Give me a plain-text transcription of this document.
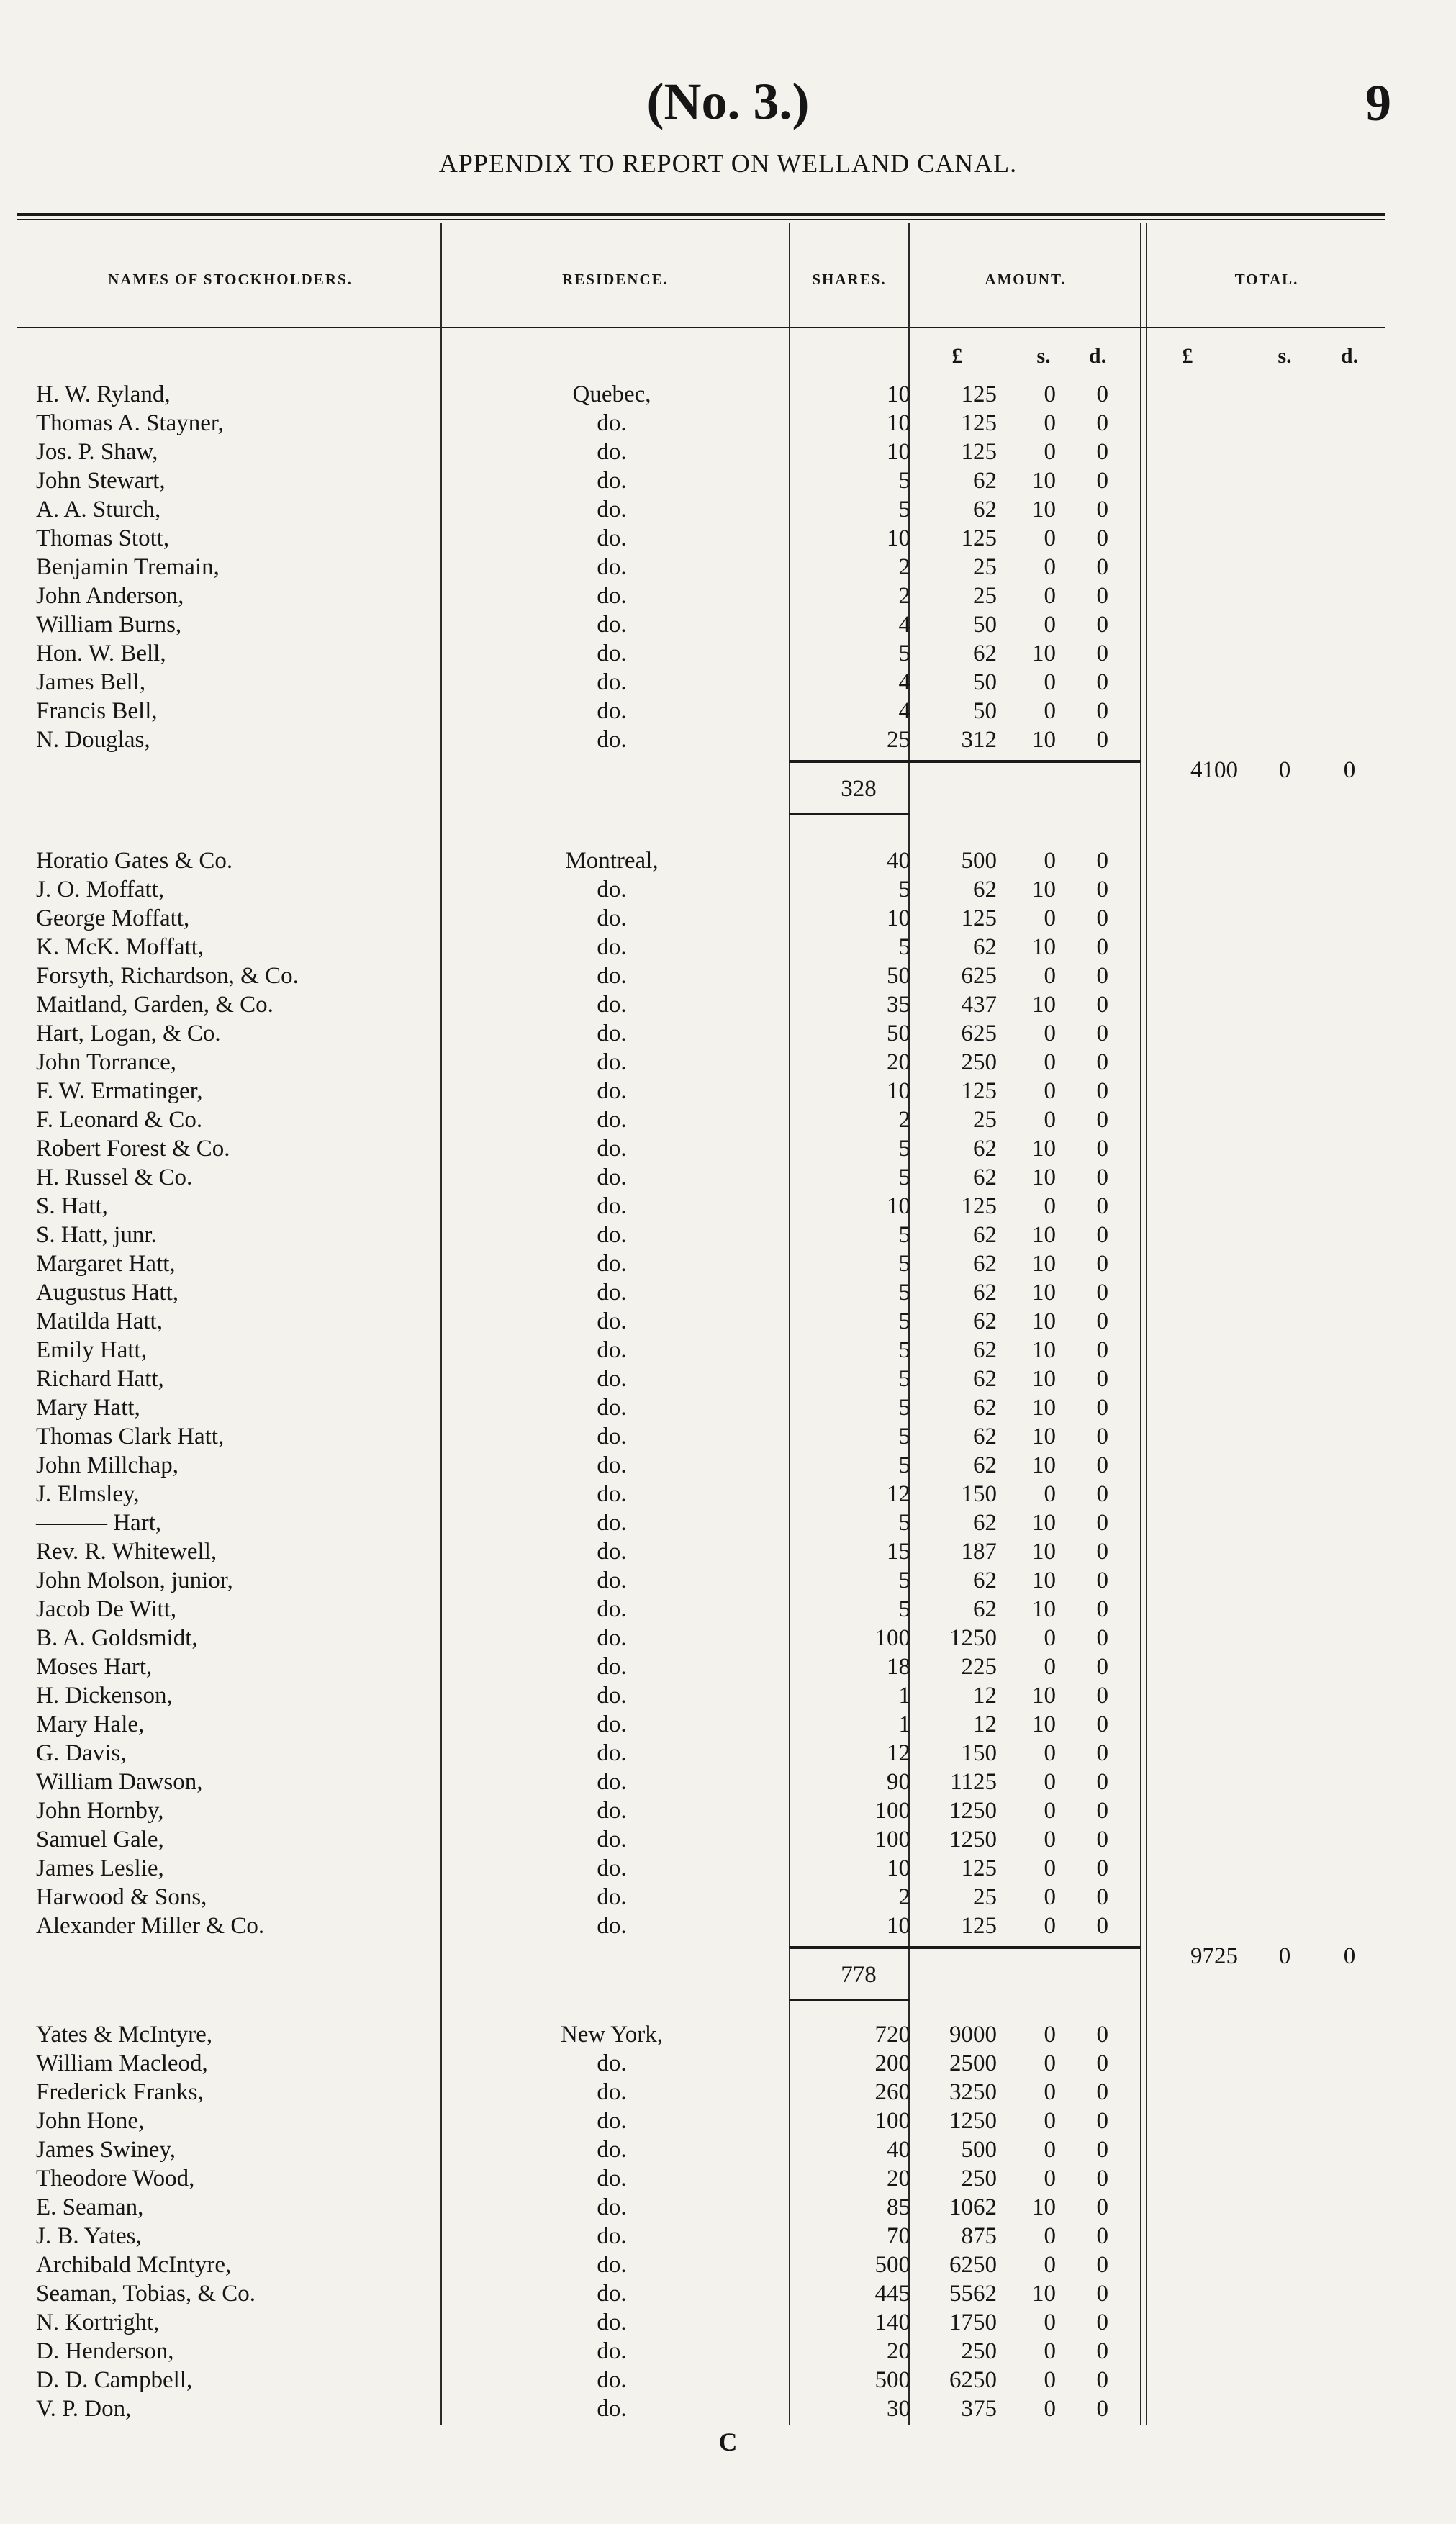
(No. 3.)	9
APPENDIX TO REPORT ON WELLAND CANAL.
NAMES OF STOCKHOLDERS.	RESIDENCE.	SHARES.	AMOUNT.	TOTAL.
£	s.	d.	£	s.	d.
H. W. Ryland,	Quebec,	10	125	0	0
Thomas A. Stayner,	do.	10	125	0	0
Jos. P. Shaw,	do.	10	125	0	0
John Stewart,	do.	5	62	10	0
A. A. Sturch,	do.	5	62	10	0
Thomas Stott,	do.	10	125	0	0
Benjamin Tremain,	do.	2	25	0	0
John Anderson,	do.	2	25	0	0
William Burns,	do.	4	50	0	0
Hon. W. Bell,	do.	5	62	10	0
James Bell,	do.	4	50	0	0
Francis Bell,	do.	4	50	0	0
N. Douglas,	do.	25	312	10	0
328
4100	0	0
Horatio Gates & Co.	Montreal,	40	500	0	0
J. O. Moffatt,	do.	5	62	10	0
George Moffatt,	do.	10	125	0	0
K. McK. Moffatt,	do.	5	62	10	0
Forsyth, Richardson, & Co.	do.	50	625	0	0
Maitland, Garden, & Co.	do.	35	437	10	0
Hart, Logan, & Co.	do.	50	625	0	0
John Torrance,	do.	20	250	0	0
F. W. Ermatinger,	do.	10	125	0	0
F. Leonard & Co.	do.	2	25	0	0
Robert Forest & Co.	do.	5	62	10	0
H. Russel & Co.	do.	5	62	10	0
S. Hatt,	do.	10	125	0	0
S. Hatt, junr.	do.	5	62	10	0
Margaret Hatt,	do.	5	62	10	0
Augustus Hatt,	do.	5	62	10	0
Matilda Hatt,	do.	5	62	10	0
Emily Hatt,	do.	5	62	10	0
Richard Hatt,	do.	5	62	10	0
Mary Hatt,	do.	5	62	10	0
Thomas Clark Hatt,	do.	5	62	10	0
John Millchap,	do.	5	62	10	0
J. Elmsley,	do.	12	150	0	0
——— Hart,	do.	5	62	10	0
Rev. R. Whitewell,	do.	15	187	10	0
John Molson, junior,	do.	5	62	10	0
Jacob De Witt,	do.	5	62	10	0
B. A. Goldsmidt,	do.	100	1250	0	0
Moses Hart,	do.	18	225	0	0
H. Dickenson,	do.	1	12	10	0
Mary Hale,	do.	1	12	10	0
G. Davis,	do.	12	150	0	0
William Dawson,	do.	90	1125	0	0
John Hornby,	do.	100	1250	0	0
Samuel Gale,	do.	100	1250	0	0
James Leslie,	do.	10	125	0	0
Harwood & Sons,	do.	2	25	0	0
Alexander Miller & Co.	do.	10	125	0	0
778
9725	0	0
Yates & McIntyre,	New York,	720	9000	0	0
William Macleod,	do.	200	2500	0	0
Frederick Franks,	do.	260	3250	0	0
John Hone,	do.	100	1250	0	0
James Swiney,	do.	40	500	0	0
Theodore Wood,	do.	20	250	0	0
E. Seaman,	do.	85	1062	10	0
J. B. Yates,	do.	70	875	0	0
Archibald McIntyre,	do.	500	6250	0	0
Seaman, Tobias, & Co.	do.	445	5562	10	0
N. Kortright,	do.	140	1750	0	0
D. Henderson,	do.	20	250	0	0
D. D. Campbell,	do.	500	6250	0	0
V. P. Don,	do.	30	375	0	0
C
